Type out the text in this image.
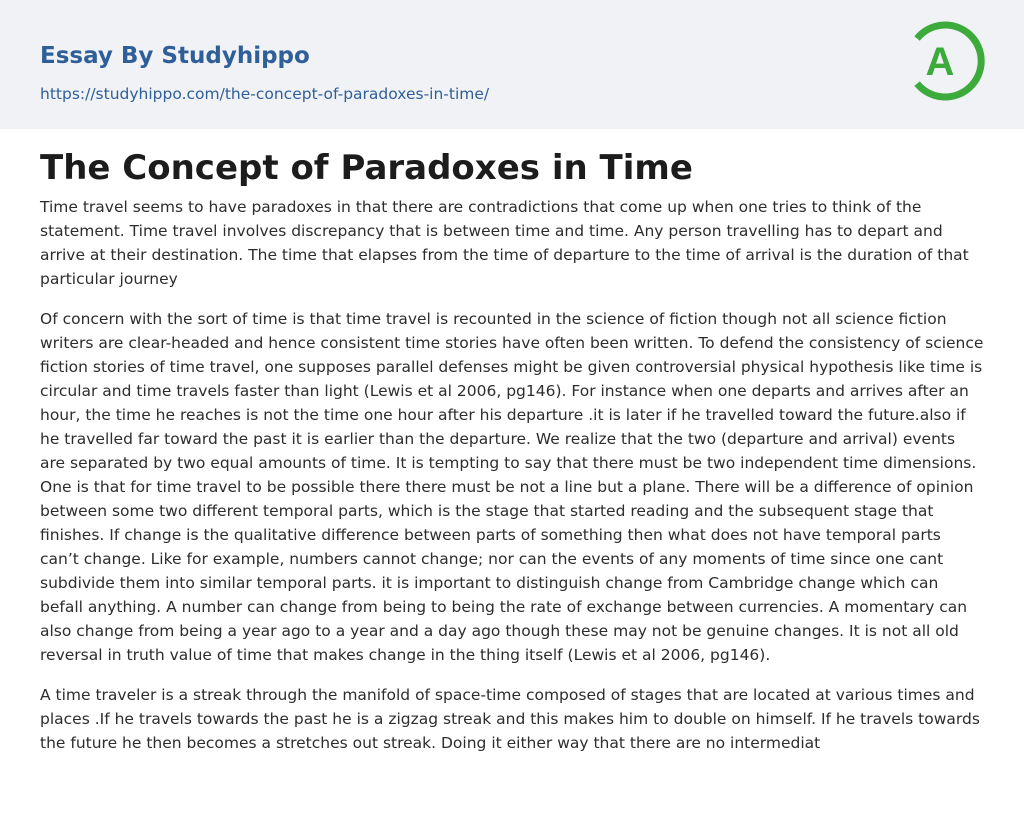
Essay By Studyhippo
https://studyhippo.com/the-concept-of-paradoxes-in-time/
A
The Concept of Paradoxes in Time

Time travel seems to have paradoxes in that there are contradictions that come up when one tries to think of the statement. Time travel involves discrepancy that is between time and time. Any person travelling has to depart and arrive at their destination. The time that elapses from the time of departure to the time of arrival is the duration of that particular journey

Of concern with the sort of time is that time travel is recounted in the science of fiction though not all science fiction writers are clear-headed and hence consistent time stories have often been written. To defend the consistency of science fiction stories of time travel, one supposes parallel defenses might be given controversial physical hypothesis like time is circular and time travels faster than light (Lewis et al 2006, pg146). For instance when one departs and arrives after an hour, the time he reaches is not the time one hour after his departure .it is later if he travelled toward the future.also if he travelled far toward the past it is earlier than the departure. We realize that the two (departure and arrival) events are separated by two equal amounts of time. It is tempting to say that there must be two independent time dimensions. One is that for time travel to be possible there there must be not a line but a plane. There will be a difference of opinion between some two different temporal parts, which is the stage that started reading and the subsequent stage that finishes. If change is the qualitative difference between parts of something then what does not have temporal parts can’t change. Like for example, numbers cannot change; nor can the events of any moments of time since one cant subdivide them into similar temporal parts. it is important to distinguish change from Cambridge change which can befall anything. A number can change from being to being the rate of exchange between currencies. A momentary can also change from being a year ago to a year and a day ago though these may not be genuine changes. It is not all old reversal in truth value of time that makes change in the thing itself (Lewis et al 2006, pg146).

A time traveler is a streak through the manifold of space-time composed of stages that are located at various times and places .If he travels towards the past he is a zigzag streak and this makes him to double on himself. If he travels towards the future he then becomes a stretches out streak. Doing it either way that there are no intermediat
